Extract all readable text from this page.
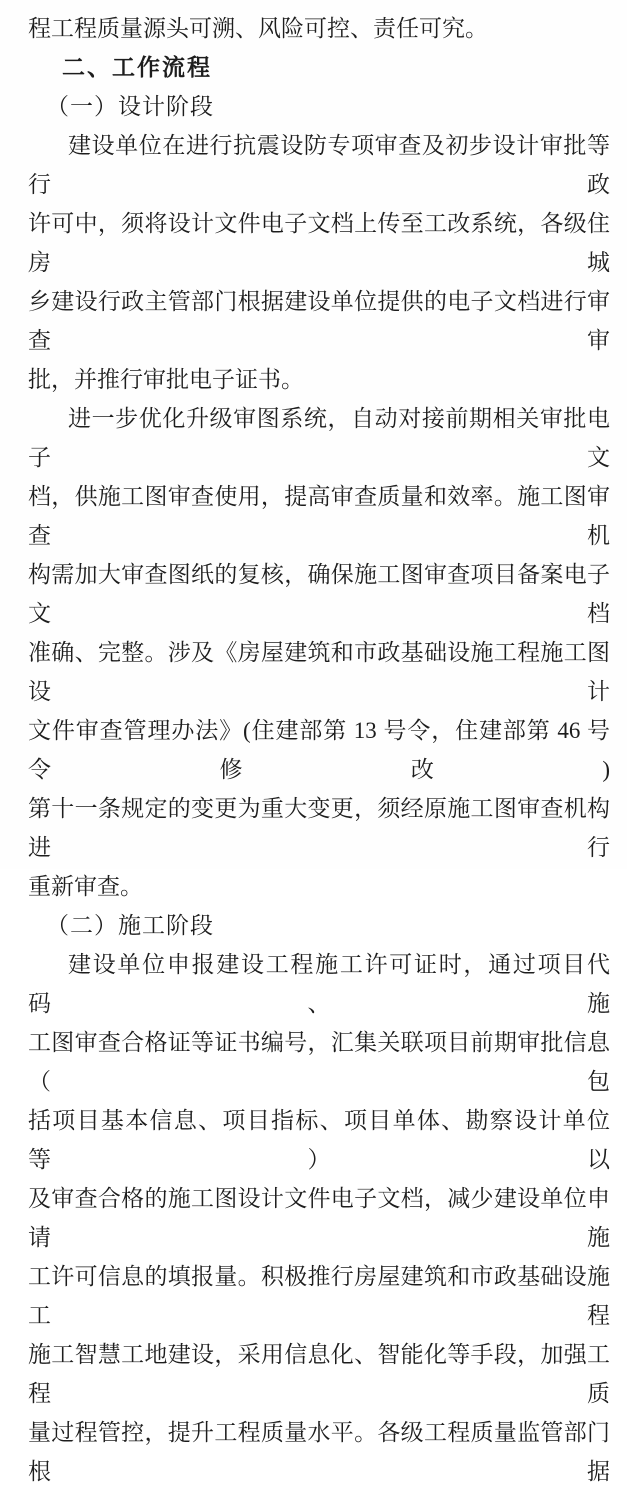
程工程质量源头可溯、风险可控、责任可究。
二、工作流程
（一）设计阶段
建设单位在进行抗震设防专项审查及初步设计审批等行政
许可中，须将设计文件电子文档上传至工改系统，各级住房城
乡建设行政主管部门根据建设单位提供的电子文档进行审查审
批，并推行审批电子证书。
进一步优化升级审图系统，自动对接前期相关审批电子文
档，供施工图审查使用，提高审查质量和效率。施工图审查机
构需加大审查图纸的复核，确保施工图审查项目备案电子文档
准确、完整。涉及《房屋建筑和市政基础设施工程施工图设计
文件审查管理办法》(住建部第 13 号令，住建部第 46 号令修改)
第十一条规定的变更为重大变更，须经原施工图审查机构进行
重新审查。
（二）施工阶段
建设单位申报建设工程施工许可证时，通过项目代码、施
工图审查合格证等证书编号，汇集关联项目前期审批信息（包
括项目基本信息、项目指标、项目单体、勘察设计单位等）以
及审查合格的施工图设计文件电子文档，减少建设单位申请施
工许可信息的填报量。积极推行房屋建筑和市政基础设施工程
施工智慧工地建设，采用信息化、智能化等手段，加强工程质
量过程管控，提升工程质量水平。各级工程质量监管部门根据
